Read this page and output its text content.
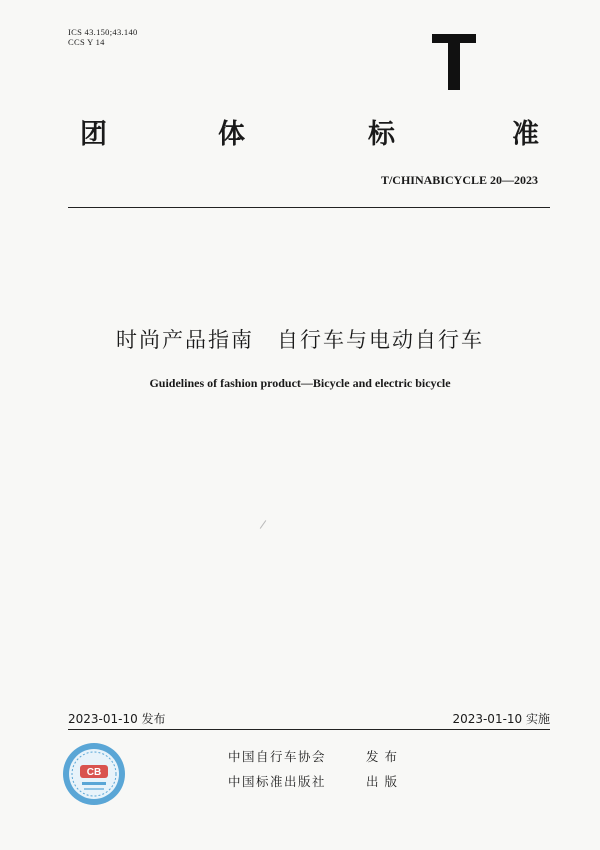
ICS 43.150;43.140
CCS Y 14
团	体	标	准
T/CHINABICYCLE 20—2023
时尚产品指南　自行车与电动自行车
Guidelines of fashion product—Bicycle and electric bicycle
2023-01-10 发布	2023-01-10 实施
CB
中国自行车协会	发布
中国标准出版社	出版
